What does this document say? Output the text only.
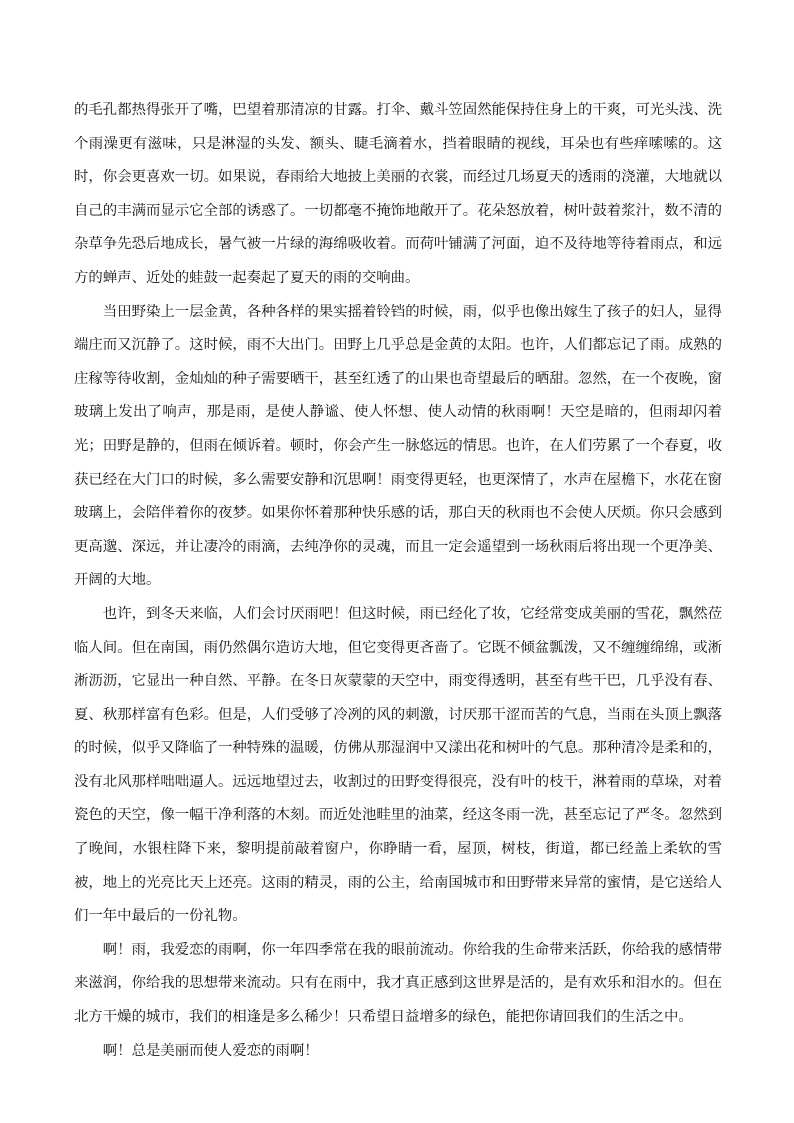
的毛孔都热得张开了嘴，巴望着那清凉的甘露。打伞、戴斗笠固然能保持住身上的干爽，可光头浅、洗个雨澡更有滋味，只是淋湿的头发、额头、睫毛滴着水，挡着眼睛的视线，耳朵也有些痒嗦嗦的。这时，你会更喜欢一切。如果说，春雨给大地披上美丽的衣裳，而经过几场夏天的透雨的浇灌，大地就以自己的丰满而显示它全部的诱惑了。一切都毫不掩饰地敞开了。花朵怒放着，树叶鼓着浆汁，数不清的杂草争先恐后地成长，暑气被一片绿的海绵吸收着。而荷叶铺满了河面，迫不及待地等待着雨点，和远方的蝉声、近处的蛙鼓一起奏起了夏天的雨的交响曲。

当田野染上一层金黄，各种各样的果实摇着铃铛的时候，雨，似乎也像出嫁生了孩子的妇人，显得端庄而又沉静了。这时候，雨不大出门。田野上几乎总是金黄的太阳。也许，人们都忘记了雨。成熟的庄稼等待收割，金灿灿的种子需要晒干，甚至红透了的山果也奇望最后的晒甜。忽然，在一个夜晚，窗玻璃上发出了响声，那是雨，是使人静谧、使人怀想、使人动情的秋雨啊！天空是暗的，但雨却闪着光；田野是静的，但雨在倾诉着。顿时，你会产生一脉悠远的情思。也许，在人们劳累了一个春夏，收获已经在大门口的时候，多么需要安静和沉思啊！雨变得更轻，也更深情了，水声在屋檐下，水花在窗玻璃上，会陪伴着你的夜梦。如果你怀着那种快乐感的话，那白天的秋雨也不会使人厌烦。你只会感到更高邈、深远，并让凄冷的雨滴，去纯净你的灵魂，而且一定会遥望到一场秋雨后将出现一个更净美、开阔的大地。

也许，到冬天来临，人们会讨厌雨吧！但这时候，雨已经化了妆，它经常变成美丽的雪花，飘然莅临人间。但在南国，雨仍然偶尔造访大地，但它变得更吝啬了。它既不倾盆瓢泼，又不缠缠绵绵，或淅淅沥沥，它显出一种自然、平静。在冬日灰蒙蒙的天空中，雨变得透明，甚至有些干巴，几乎没有春、夏、秋那样富有色彩。但是，人们受够了冷冽的风的刺激，讨厌那干涩而苦的气息，当雨在头顶上飘落的时候，似乎又降临了一种特殊的温暖，仿佛从那湿润中又漾出花和树叶的气息。那种清冷是柔和的，没有北风那样咄咄逼人。远远地望过去，收割过的田野变得很亮，没有叶的枝干，淋着雨的草垛，对着瓷色的天空，像一幅干净利落的木刻。而近处池畦里的油菜，经这冬雨一洗，甚至忘记了严冬。忽然到了晚间，水银柱降下来，黎明提前敲着窗户，你睁睛一看，屋顶，树枝，街道，都已经盖上柔软的雪被，地上的光亮比天上还亮。这雨的精灵，雨的公主，给南国城市和田野带来异常的蜜情，是它送给人们一年中最后的一份礼物。

啊！雨，我爱恋的雨啊，你一年四季常在我的眼前流动。你给我的生命带来活跃，你给我的感情带来滋润，你给我的思想带来流动。只有在雨中，我才真正感到这世界是活的，是有欢乐和泪水的。但在北方干燥的城市，我们的相逢是多么稀少！只希望日益增多的绿色，能把你请回我们的生活之中。

啊！总是美丽而使人爱恋的雨啊！
